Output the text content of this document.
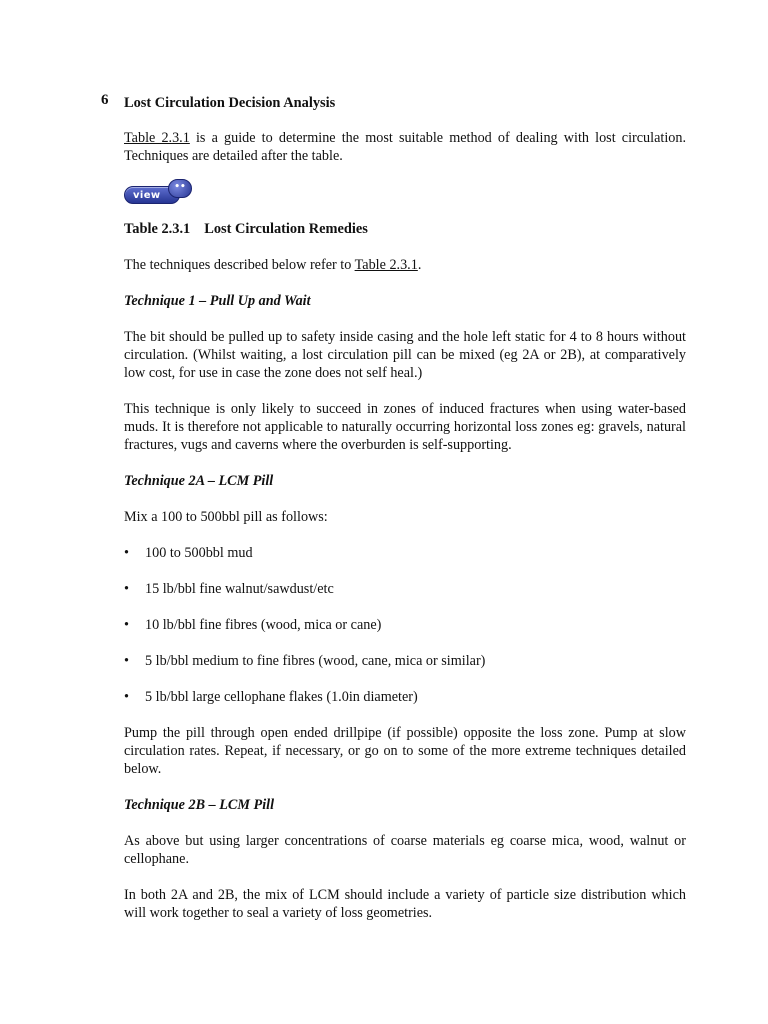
6 Lost Circulation Decision Analysis

Table 2.3.1 is a guide to determine the most suitable method of dealing with lost circulation. Techniques are detailed after the table.

view
••

Table 2.3.1 Lost Circulation Remedies

The techniques described below refer to Table 2.3.1.

Technique 1 – Pull Up and Wait

The bit should be pulled up to safety inside casing and the hole left static for 4 to 8 hours without circulation. (Whilst waiting, a lost circulation pill can be mixed (eg 2A or 2B), at comparatively low cost, for use in case the zone does not self heal.)

This technique is only likely to succeed in zones of induced fractures when using water-based muds. It is therefore not applicable to naturally occurring horizontal loss zones eg: gravels, natural fractures, vugs and caverns where the overburden is self-supporting.

Technique 2A – LCM Pill

Mix a 100 to 500bbl pill as follows:

• 100 to 500bbl mud
• 15 lb/bbl fine walnut/sawdust/etc
• 10 lb/bbl fine fibres (wood, mica or cane)
• 5 lb/bbl medium to fine fibres (wood, cane, mica or similar)
• 5 lb/bbl large cellophane flakes (1.0in diameter)

Pump the pill through open ended drillpipe (if possible) opposite the loss zone. Pump at slow circulation rates. Repeat, if necessary, or go on to some of the more extreme techniques detailed below.

Technique 2B – LCM Pill

As above but using larger concentrations of coarse materials eg coarse mica, wood, walnut or cellophane.

In both 2A and 2B, the mix of LCM should include a variety of particle size distribution which will work together to seal a variety of loss geometries.
